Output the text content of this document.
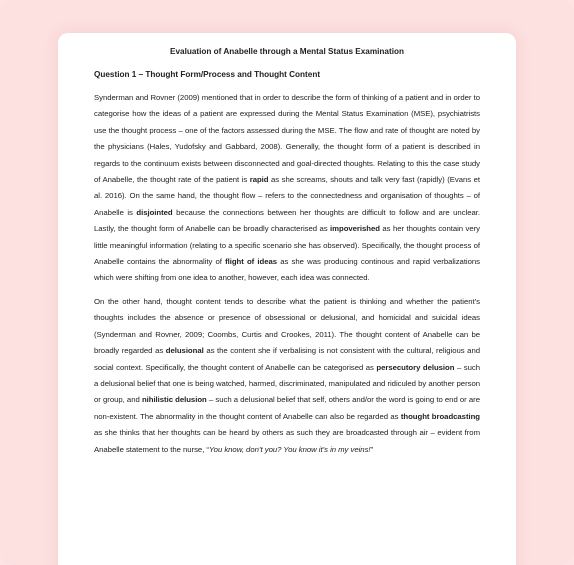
Evaluation of Anabelle through a Mental Status Examination
Question 1 – Thought Form/Process and Thought Content

Synderman and Rovner (2009) mentioned that in order to describe the form of thinking of a patient and in order to categorise how the ideas of a patient are expressed during the Mental Status Examination (MSE), psychiatrists use the thought process – one of the factors assessed during the MSE. The flow and rate of thought are noted by the physicians (Hales, Yudofsky and Gabbard, 2008). Generally, the thought form of a patient is described in regards to the continuum exists between disconnected and goal-directed thoughts. Relating to this the case study of Anabelle, the thought rate of the patient is rapid as she screams, shouts and talk very fast (rapidly) (Evans et al. 2016). On the same hand, the thought flow – refers to the connectedness and organisation of thoughts – of Anabelle is disjointed because the connections between her thoughts are difficult to follow and are unclear. Lastly, the thought form of Anabelle can be broadly characterised as impoverished as her thoughts contain very little meaningful information (relating to a specific scenario she has observed). Specifically, the thought process of Anabelle contains the abnormality of flight of ideas as she was producing continous and rapid verbalizations which were shifting from one idea to another, however, each idea was connected.

On the other hand, thought content tends to describe what the patient is thinking and whether the patient’s thoughts includes the absence or presence of obsessional or delusional, and homicidal and suicidal ideas (Synderman and Rovner, 2009; Coombs, Curtis and Crookes, 2011). The thought content of Anabelle can be broadly regarded as delusional as the content she if verbalising is not consistent with the cultural, religious and social context. Specifically, the thought content of Anabelle can be categorised as persecutory delusion – such a delusional belief that one is being watched, harmed, discriminated, manipulated and ridiculed by another person or group, and nihilistic delusion – such a delusional belief that self, others and/or the word is going to end or are non-existent. The abnormality in the thought content of Anabelle can also be regarded as thought broadcasting as she thinks that her thoughts can be heard by others as such they are broadcasted through air – evident from Anabelle statement to the nurse, “You know, don’t you? You know it’s in my veins!”
